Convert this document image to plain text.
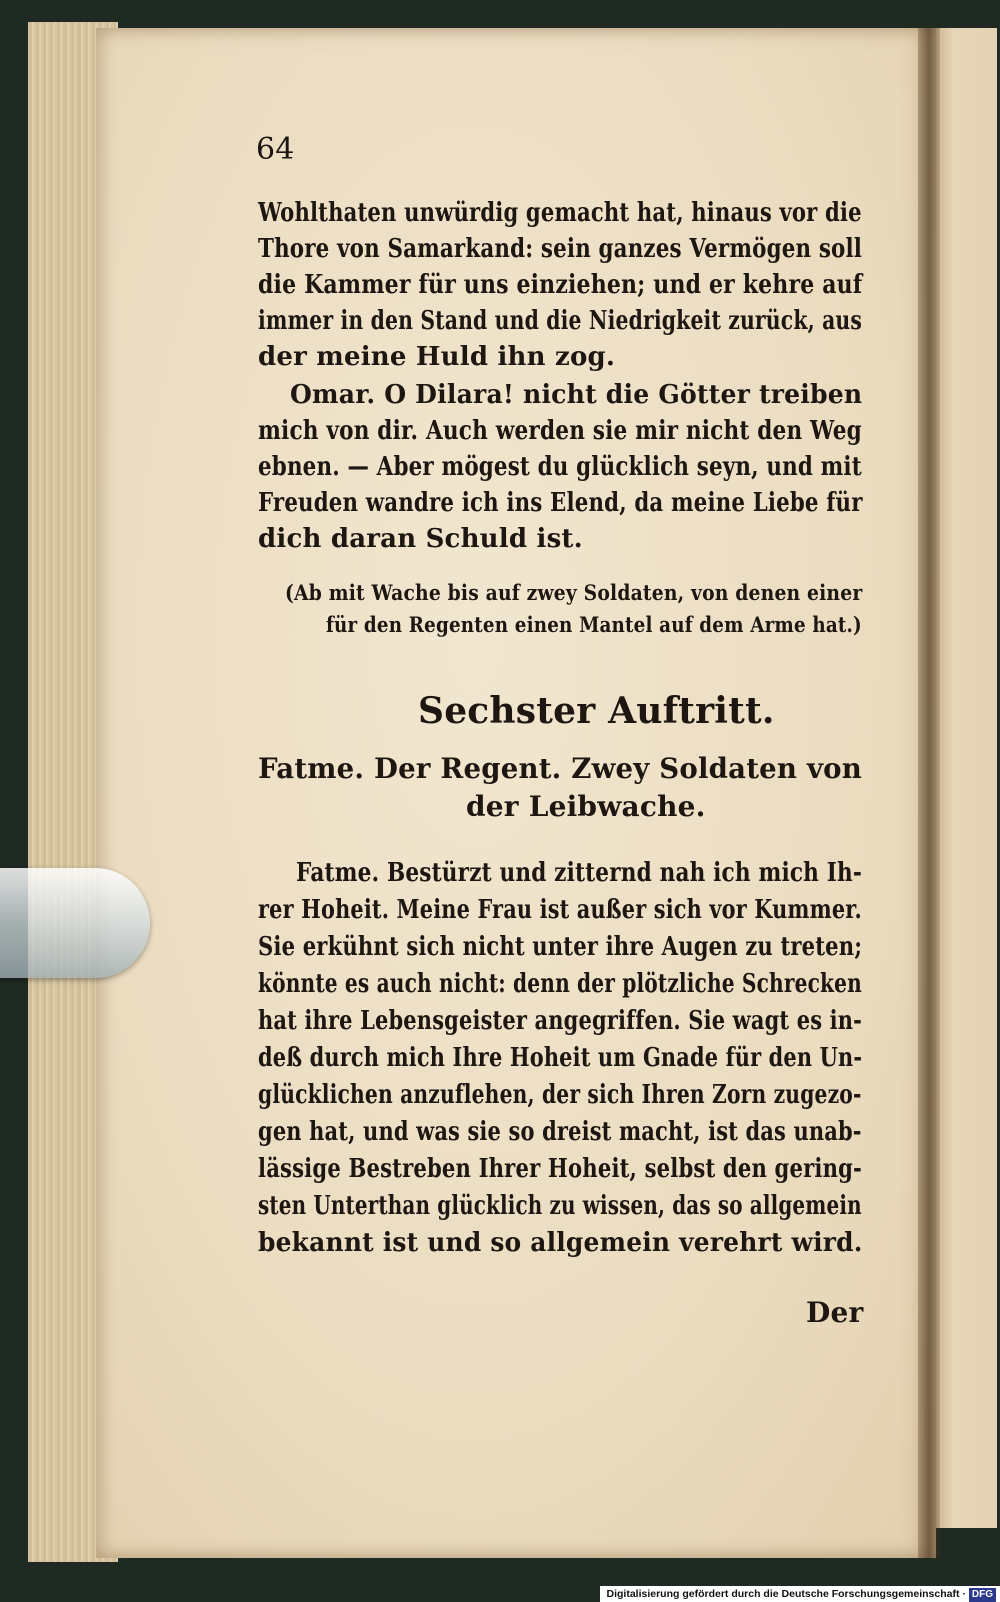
64
Wohlthaten unwürdig gemacht hat, hinaus vor die
Thore von Samarkand: sein ganzes Vermögen soll
die Kammer für uns einziehen; und er kehre auf
immer in den Stand und die Niedrigkeit zurück, aus
der meine Huld ihn zog.
Omar. O Dilara! nicht die Götter treiben
mich von dir. Auch werden sie mir nicht den Weg
ebnen. — Aber mögest du glücklich seyn, und mit
Freuden wandre ich ins Elend, da meine Liebe für
dich daran Schuld ist.
(Ab mit Wache bis auf zwey Soldaten, von denen einer
für den Regenten einen Mantel auf dem Arme hat.)
Sechster Auftritt.
Fatme. Der Regent. Zwey Soldaten von
der Leibwache.
Fatme. Bestürzt und zitternd nah ich mich Ih-
rer Hoheit. Meine Frau ist außer sich vor Kummer.
Sie erkühnt sich nicht unter ihre Augen zu treten;
könnte es auch nicht: denn der plötzliche Schrecken
hat ihre Lebensgeister angegriffen. Sie wagt es in-
deß durch mich Ihre Hoheit um Gnade für den Un-
glücklichen anzuflehen, der sich Ihren Zorn zugezo-
gen hat, und was sie so dreist macht, ist das unab-
lässige Bestreben Ihrer Hoheit, selbst den gering-
sten Unterthan glücklich zu wissen, das so allgemein
bekannt ist und so allgemein verehrt wird.
Der
Digitalisierung gefördert durch die Deutsche Forschungsgemeinschaft · DFG
